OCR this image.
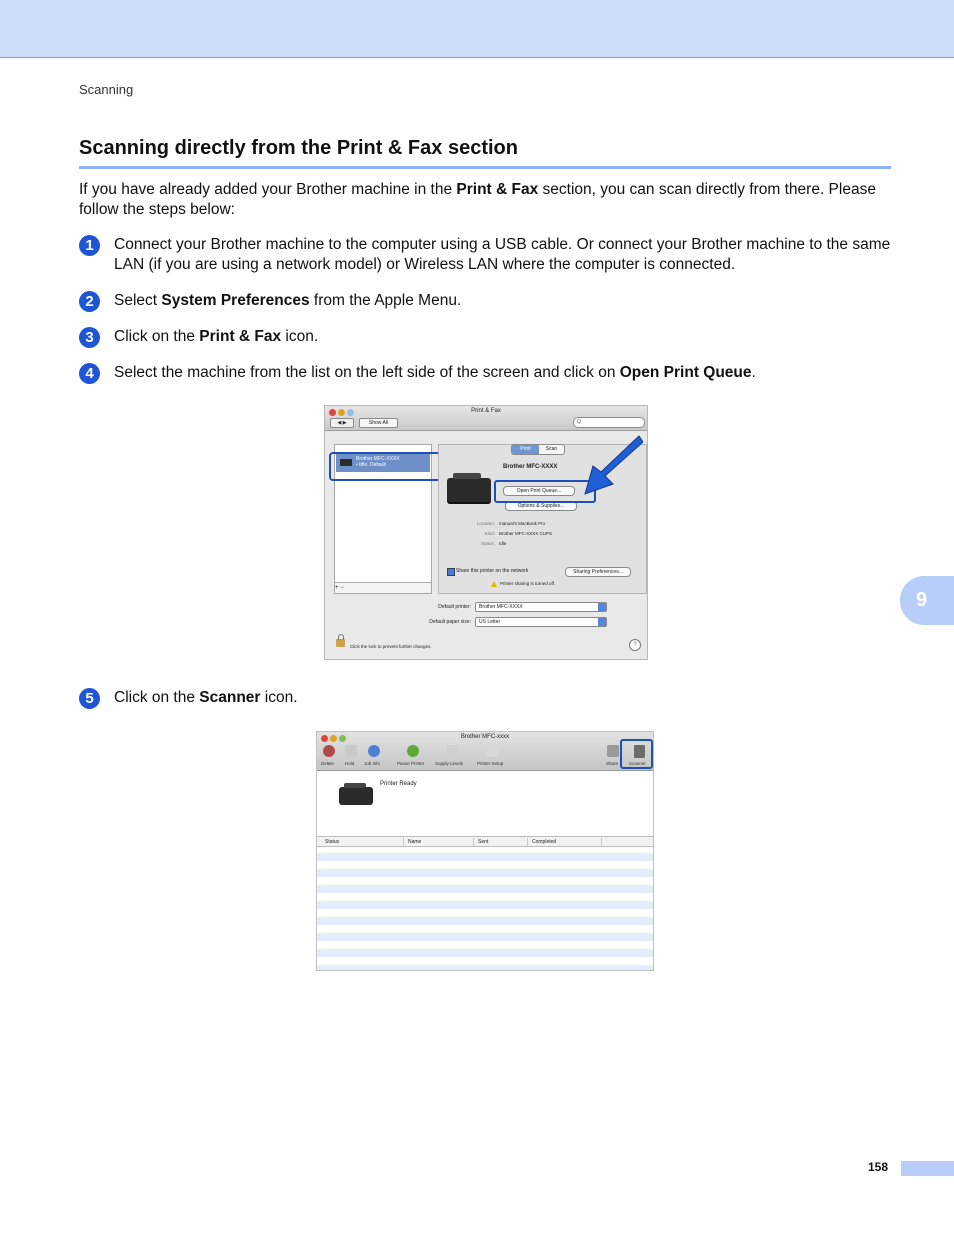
Scanning
Scanning directly from the Print & Fax section
If you have already added your Brother machine in the Print & Fax section, you can scan directly from there. Please follow the steps below:
1	Connect your Brother machine to the computer using a USB cable. Or connect your Brother machine to the same LAN (if you are using a network model) or Wireless LAN where the computer is connected.
2	Select System Preferences from the Apple Menu.
3	Click on the Print & Fax icon.
4	Select the machine from the list on the left side of the screen and click on Open Print Queue.
Print & Fax
◀ ▶	Show All	Q
Brother MFC-XXXX
• Idle, Default
+ −
Print	Scan
Brother MFC-XXXX
Open Print Queue...
Options & Supplies...
Location: manual's MacBook Pro
Kind: Brother MFC-XXXX CUPS
Status: Idle
Share this printer on the network	Sharing Preferences...
Printer sharing is turned off.
Default printer:	Brother MFC-XXXX
Default paper size:	US Letter
Click the lock to prevent further changes.	?
9
5	Click on the Scanner icon.
Brother MFC-xxxx
Delete Hold Job Info	Pause Printer Supply Levels	Printer Setup	Share Scanner
Printer Ready
Status	Name	Sent	Completed
158
